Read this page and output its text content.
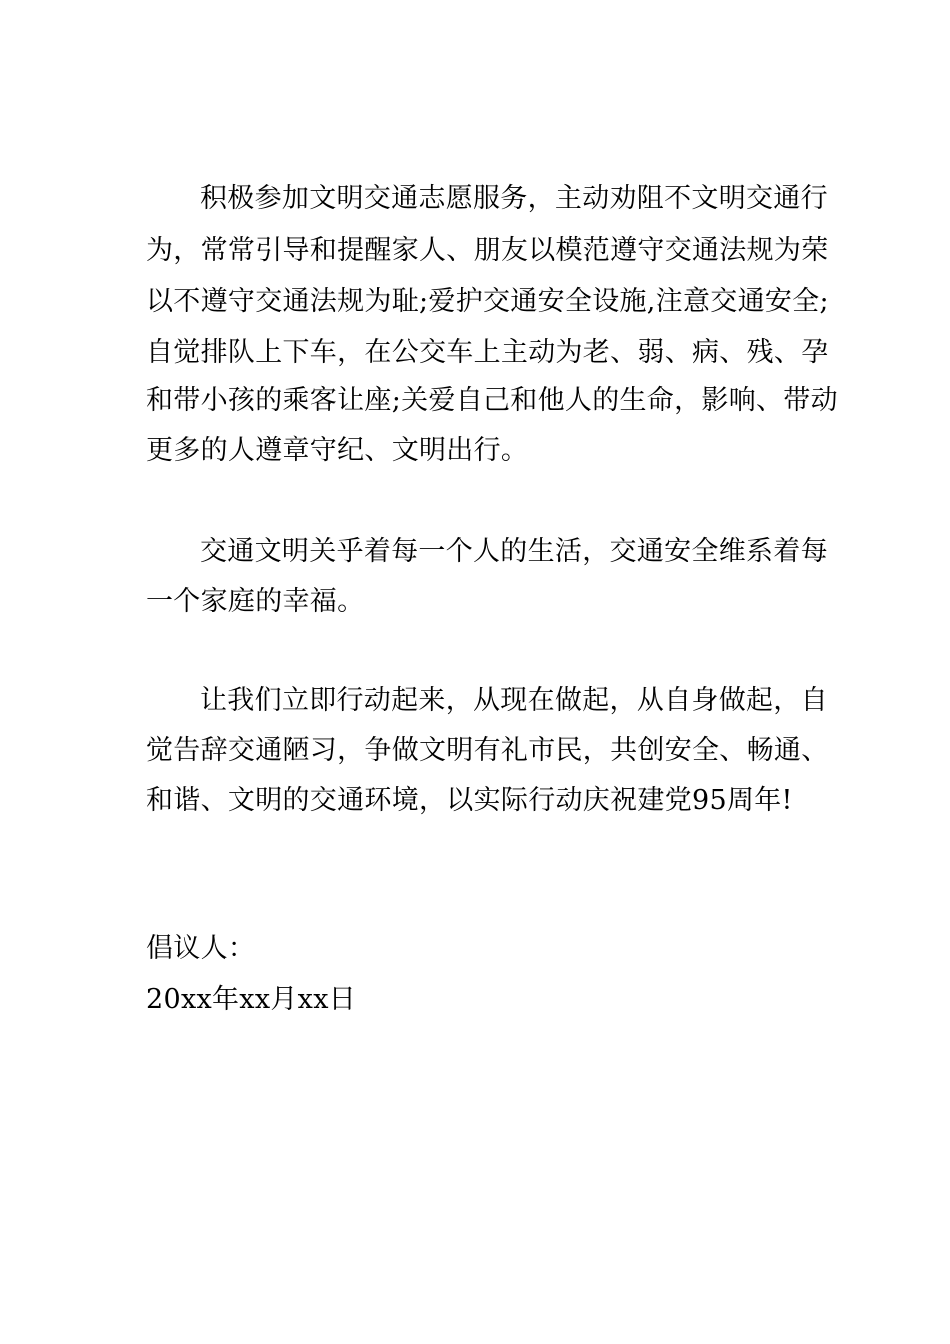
积极参加文明交通志愿服务，主动劝阻不文明交通行
为，常常引导和提醒家人、朋友以模范遵守交通法规为荣
以不遵守交通法规为耻;爱护交通安全设施,注意交通安全;
自觉排队上下车，在公交车上主动为老、弱、病、残、孕
和带小孩的乘客让座;关爱自己和他人的生命，影响、带动
更多的人遵章守纪、文明出行。
交通文明关乎着每一个人的生活，交通安全维系着每
一个家庭的幸福。
让我们立即行动起来，从现在做起，从自身做起，自
觉告辞交通陋习，争做文明有礼市民，共创安全、畅通、
和谐、文明的交通环境，以实际行动庆祝建党95周年!
倡议人：
20xx年xx月xx日
